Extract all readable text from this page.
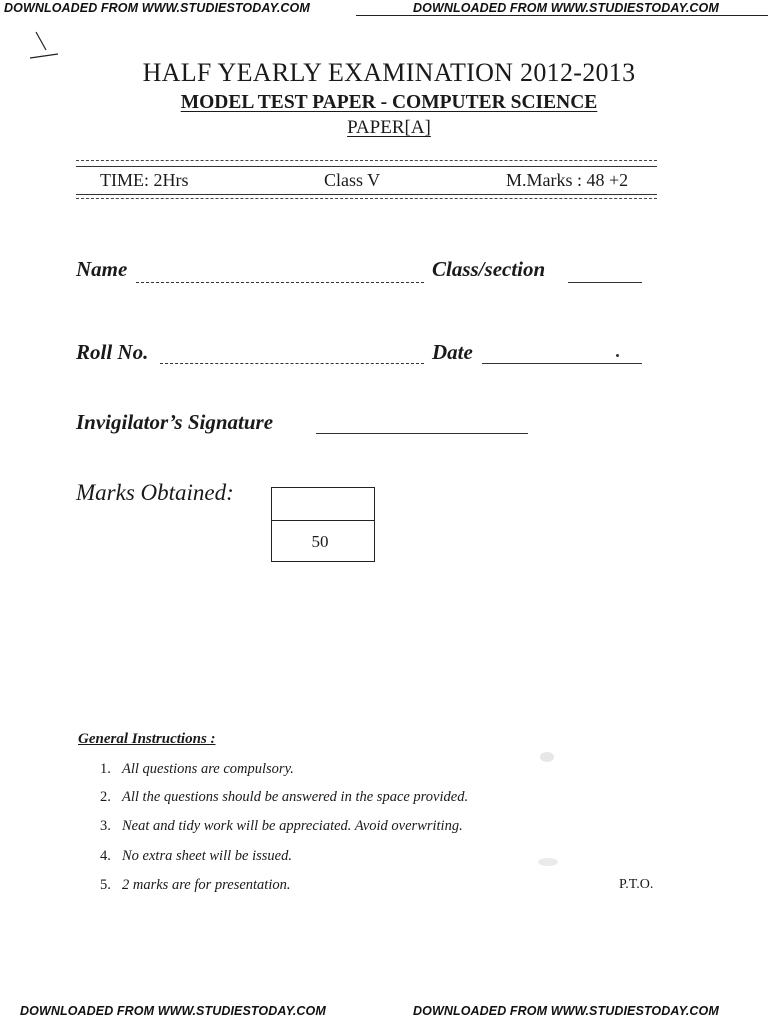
DOWNLOADED FROM WWW.STUDIESTODAY.COM	DOWNLOADED FROM WWW.STUDIESTODAY.COM
HALF YEARLY EXAMINATION 2012-2013
MODEL TEST PAPER - COMPUTER SCIENCE
PAPER[A]
TIME: 2Hrs	Class V	M.Marks : 48 +2
Name	Class/section
Roll No.	Date
Invigilator’s Signature
Marks Obtained:
50
General Instructions :
1. All questions are compulsory.
2. All the questions should be answered in the space provided.
3. Neat and tidy work will be appreciated. Avoid overwriting.
4. No extra sheet will be issued.
5. 2 marks are for presentation.	P.T.O.
DOWNLOADED FROM WWW.STUDIESTODAY.COM	DOWNLOADED FROM WWW.STUDIESTODAY.COM
